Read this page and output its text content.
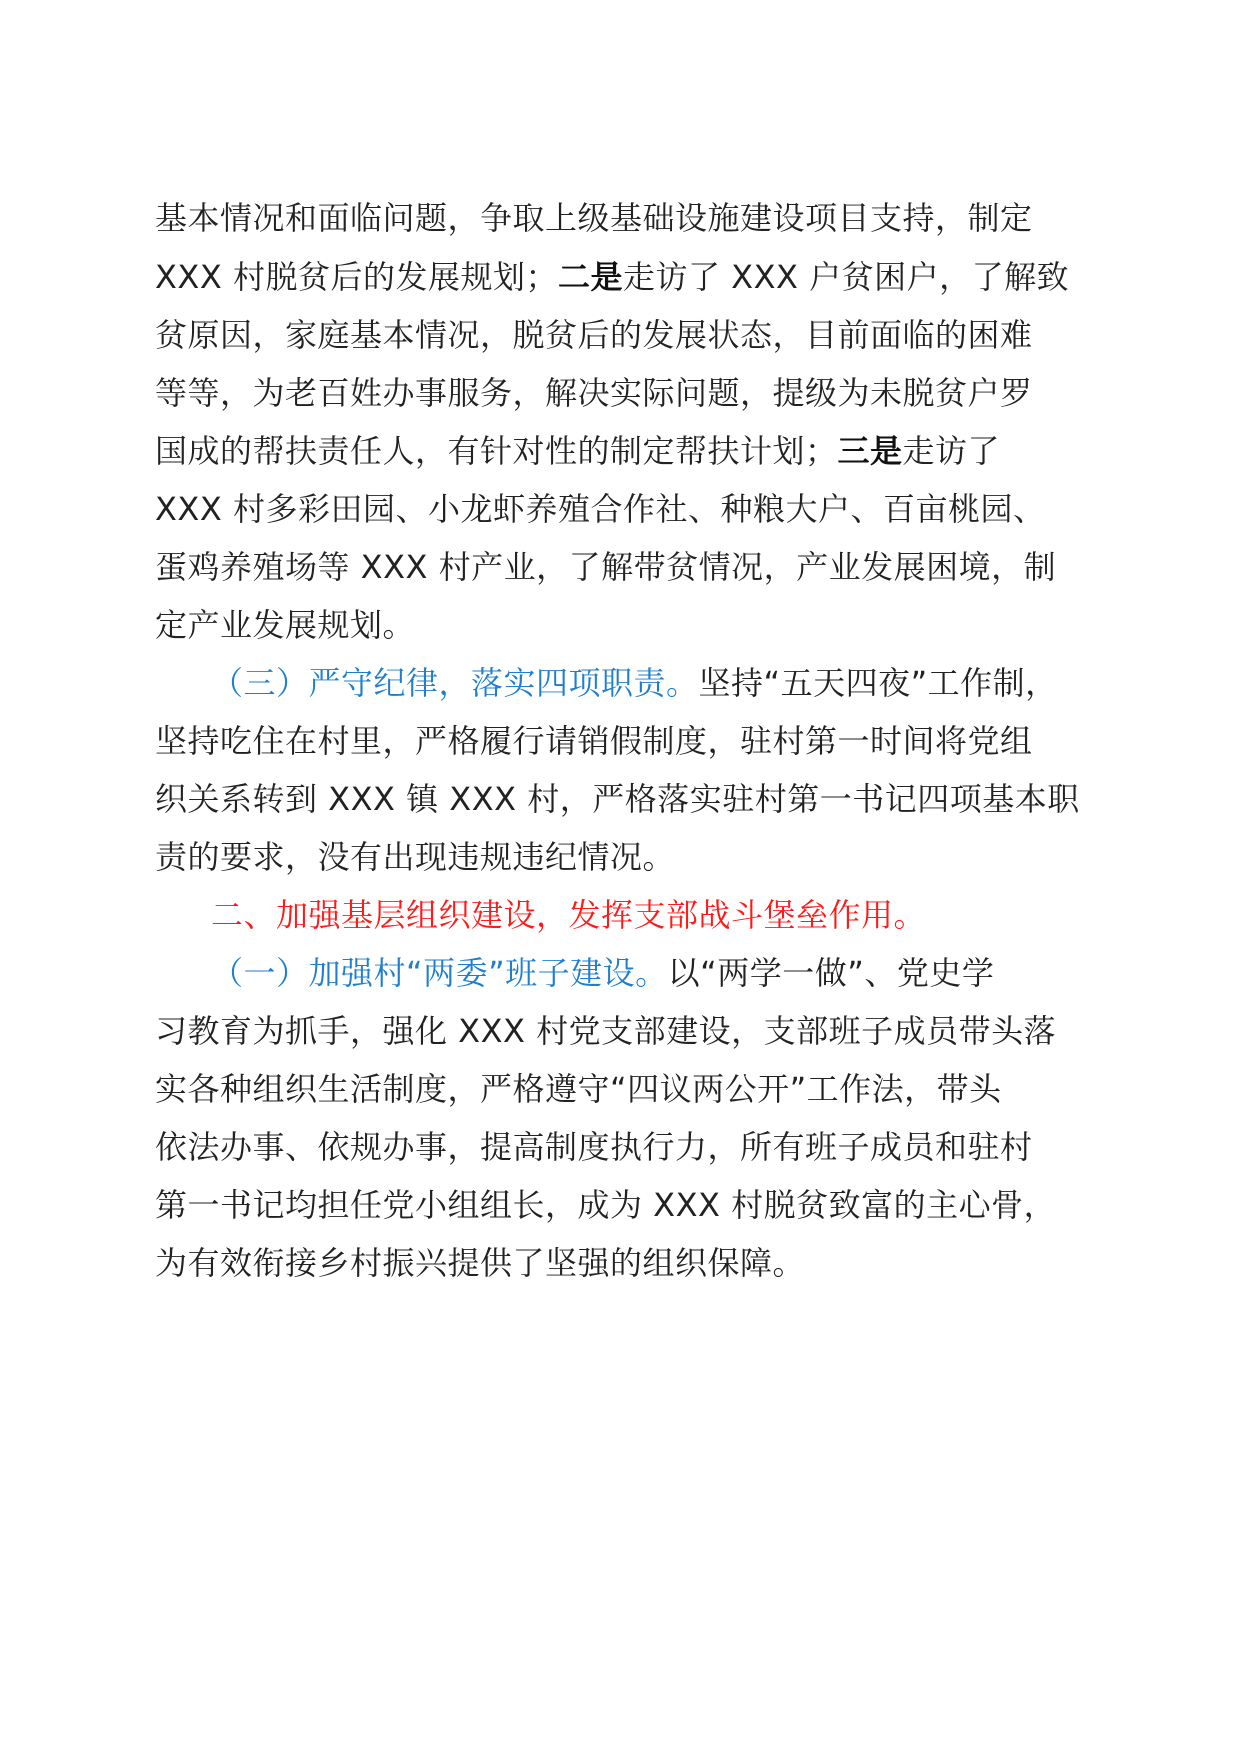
基本情况和面临问题，争取上级基础设施建设项目支持，制定
XXX 村脱贫后的发展规划；二是走访了 XXX 户贫困户，了解致
贫原因，家庭基本情况，脱贫后的发展状态，目前面临的困难
等等，为老百姓办事服务，解决实际问题，提级为未脱贫户罗
国成的帮扶责任人，有针对性的制定帮扶计划；三是走访了
XXX 村多彩田园、小龙虾养殖合作社、种粮大户、百亩桃园、
蛋鸡养殖场等 XXX 村产业，了解带贫情况，产业发展困境，制
定产业发展规划。
（三）严守纪律，落实四项职责。坚持“五天四夜”工作制，
坚持吃住在村里，严格履行请销假制度，驻村第一时间将党组
织关系转到 XXX 镇 XXX 村，严格落实驻村第一书记四项基本职
责的要求，没有出现违规违纪情况。
二、加强基层组织建设，发挥支部战斗堡垒作用。
（一）加强村“两委”班子建设。以“两学一做”、党史学
习教育为抓手，强化 XXX 村党支部建设，支部班子成员带头落
实各种组织生活制度，严格遵守“四议两公开”工作法，带头
依法办事、依规办事，提高制度执行力，所有班子成员和驻村
第一书记均担任党小组组长，成为 XXX 村脱贫致富的主心骨，
为有效衔接乡村振兴提供了坚强的组织保障。
